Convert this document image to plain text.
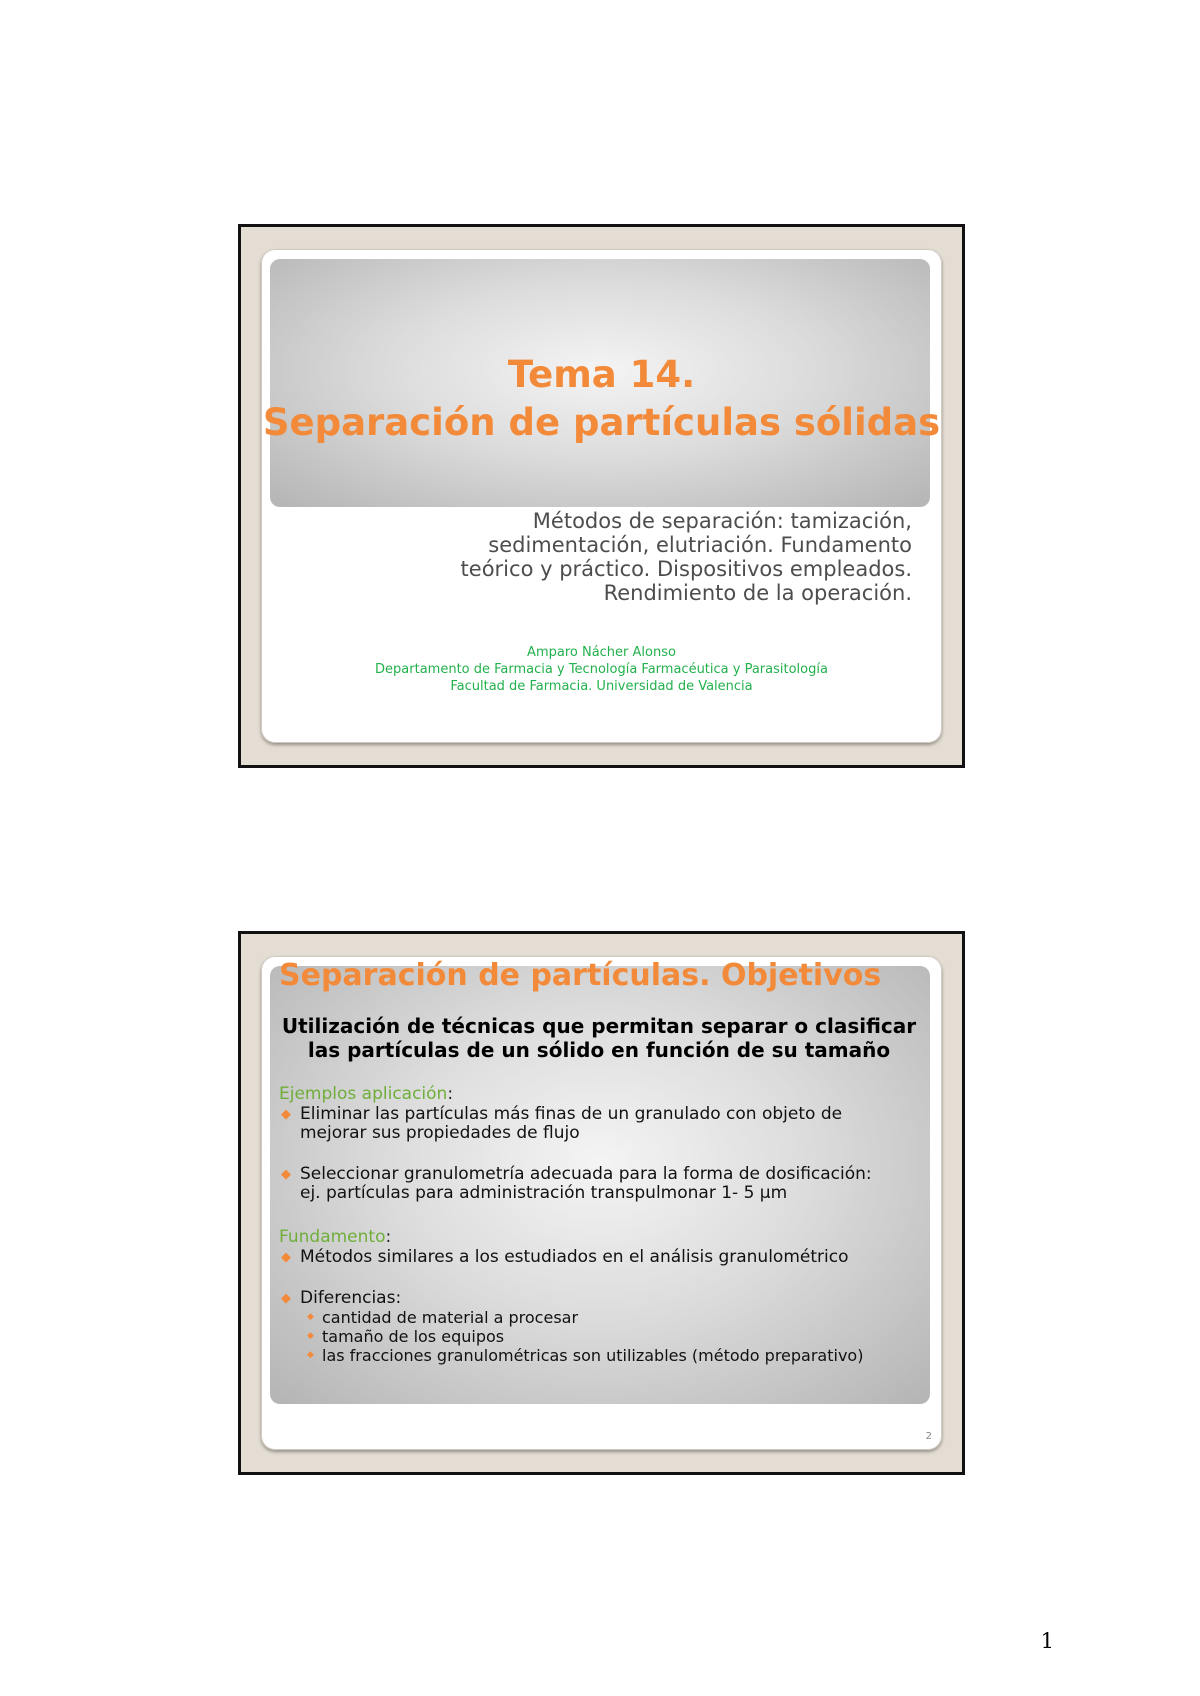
Tema 14.
Separación de partículas sólidas
Métodos de separación: tamización,
sedimentación, elutriación. Fundamento
teórico y práctico. Dispositivos empleados.
Rendimiento de la operación.
Amparo Nácher Alonso
Departamento de Farmacia y Tecnología Farmacéutica y Parasitología
Facultad de Farmacia. Universidad de Valencia
Separación de partículas. Objetivos
Utilización de técnicas que permitan separar o clasificar
las partículas de un sólido en función de su tamaño
Ejemplos aplicación:
◆ Eliminar las partículas más finas de un granulado con objeto de
mejorar sus propiedades de flujo
◆ Seleccionar granulometría adecuada para la forma de dosificación:
ej. partículas para administración transpulmonar 1- 5 µm
Fundamento:
◆ Métodos similares a los estudiados en el análisis granulométrico
◆ Diferencias:
◆ cantidad de material a procesar
◆ tamaño de los equipos
◆ las fracciones granulométricas son utilizables (método preparativo)
2
1
